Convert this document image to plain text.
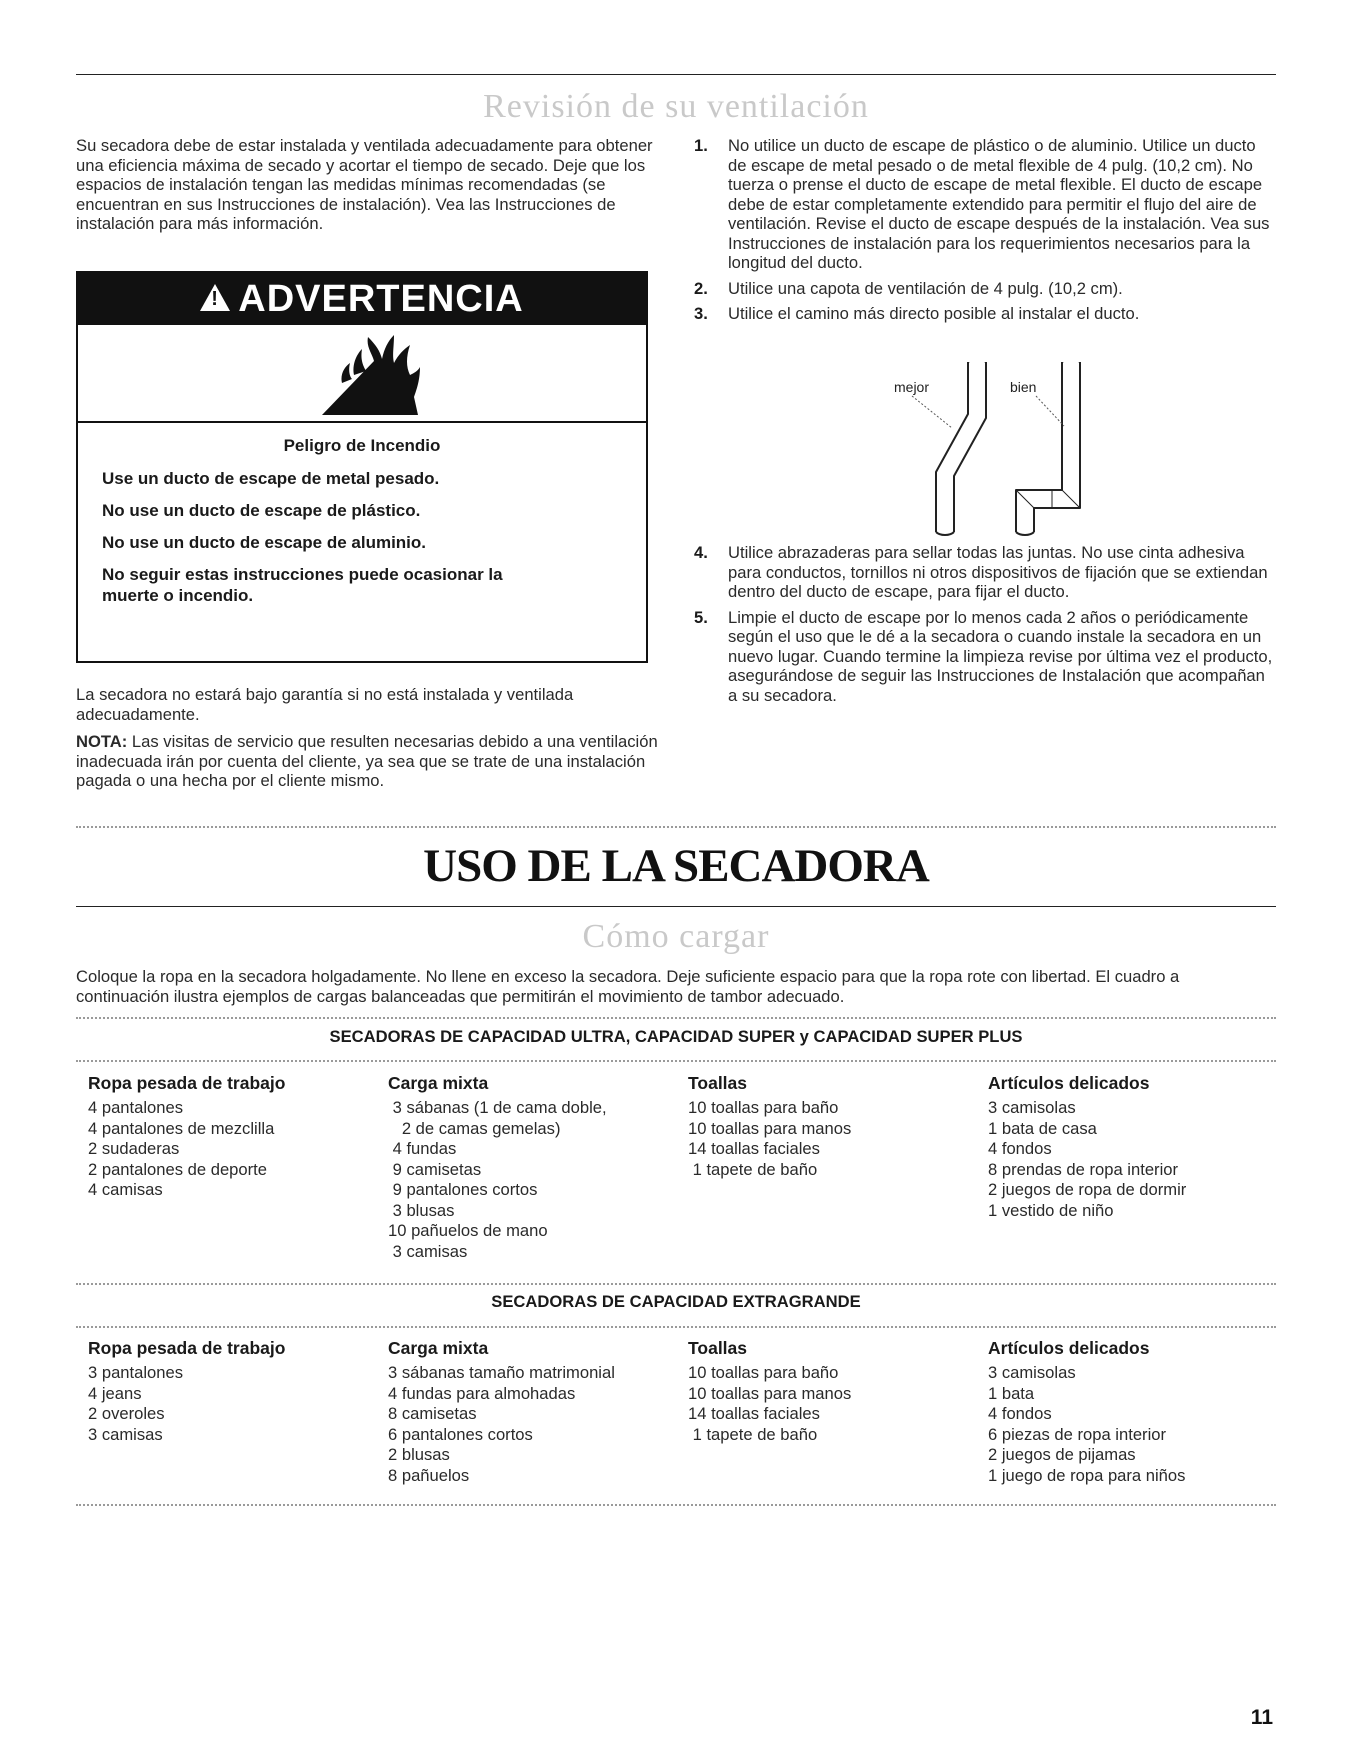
Revisión de su ventilación

Su secadora debe de estar instalada y ventilada adecuadamente para obtener una eficiencia máxima de secado y acortar el tiempo de secado. Deje que los espacios de instalación tengan las medidas mínimas recomendadas (se encuentran en sus Instrucciones de instalación). Vea las Instrucciones de instalación para más información.

! ADVERTENCIA

Peligro de Incendio

Use un ducto de escape de metal pesado.

No use un ducto de escape de plástico.

No use un ducto de escape de aluminio.

No seguir estas instrucciones puede ocasionar la muerte o incendio.

La secadora no estará bajo garantía si no está instalada y ventilada adecuadamente.

NOTA: Las visitas de servicio que resulten necesarias debido a una ventilación inadecuada irán por cuenta del cliente, ya sea que se trate de una instalación pagada o una hecha por el cliente mismo.

1. No utilice un ducto de escape de plástico o de aluminio. Utilice un ducto de escape de metal pesado o de metal flexible de 4 pulg. (10,2 cm). No tuerza o prense el ducto de escape de metal flexible. El ducto de escape debe de estar completamente extendido para permitir el flujo del aire de ventilación. Revise el ducto de escape después de la instalación. Vea sus Instrucciones de instalación para los requerimientos necesarios para la longitud del ducto.

2. Utilice una capota de ventilación de 4 pulg. (10,2 cm).

3. Utilice el camino más directo posible al instalar el ducto.

mejor	bien
4. Utilice abrazaderas para sellar todas las juntas. No use cinta adhesiva para conductos, tornillos ni otros dispositivos de fijación que se extiendan dentro del ducto de escape, para fijar el ducto.

5. Limpie el ducto de escape por lo menos cada 2 años o periódicamente según el uso que le dé a la secadora o cuando instale la secadora en un nuevo lugar. Cuando termine la limpieza revise por última vez el producto, asegurándose de seguir las Instrucciones de Instalación que acompañan a su secadora.

USO DE LA SECADORA
Cómo cargar

Coloque la ropa en la secadora holgadamente. No llene en exceso la secadora. Deje suficiente espacio para que la ropa rote con libertad. El cuadro a continuación ilustra ejemplos de cargas balanceadas que permitirán el movimiento de tambor adecuado.

SECADORAS DE CAPACIDAD ULTRA, CAPACIDAD SUPER y CAPACIDAD SUPER PLUS

Ropa pesada de trabajo

4 pantalones
4 pantalones de mezclilla
2 sudaderas
2 pantalones de deporte
4 camisas

Carga mixta

3 sábanas (1 de cama doble,
2 de camas gemelas)
4 fundas
9 camisetas
9 pantalones cortos
3 blusas
10 pañuelos de mano
3 camisas

Toallas

10 toallas para baño
10 toallas para manos
14 toallas faciales
1 tapete de baño

Artículos delicados

3 camisolas
1 bata de casa
4 fondos
8 prendas de ropa interior
2 juegos de ropa de dormir
1 vestido de niño
SECADORAS DE CAPACIDAD EXTRAGRANDE

Ropa pesada de trabajo

3 pantalones
4 jeans
2 overoles
3 camisas

Carga mixta

3 sábanas tamaño matrimonial
4 fundas para almohadas
8 camisetas
6 pantalones cortos
2 blusas
8 pañuelos

Toallas

10 toallas para baño
10 toallas para manos
14 toallas faciales
1 tapete de baño

Artículos delicados

3 camisolas
1 bata
4 fondos
6 piezas de ropa interior
2 juegos de pijamas
1 juego de ropa para niños
11
